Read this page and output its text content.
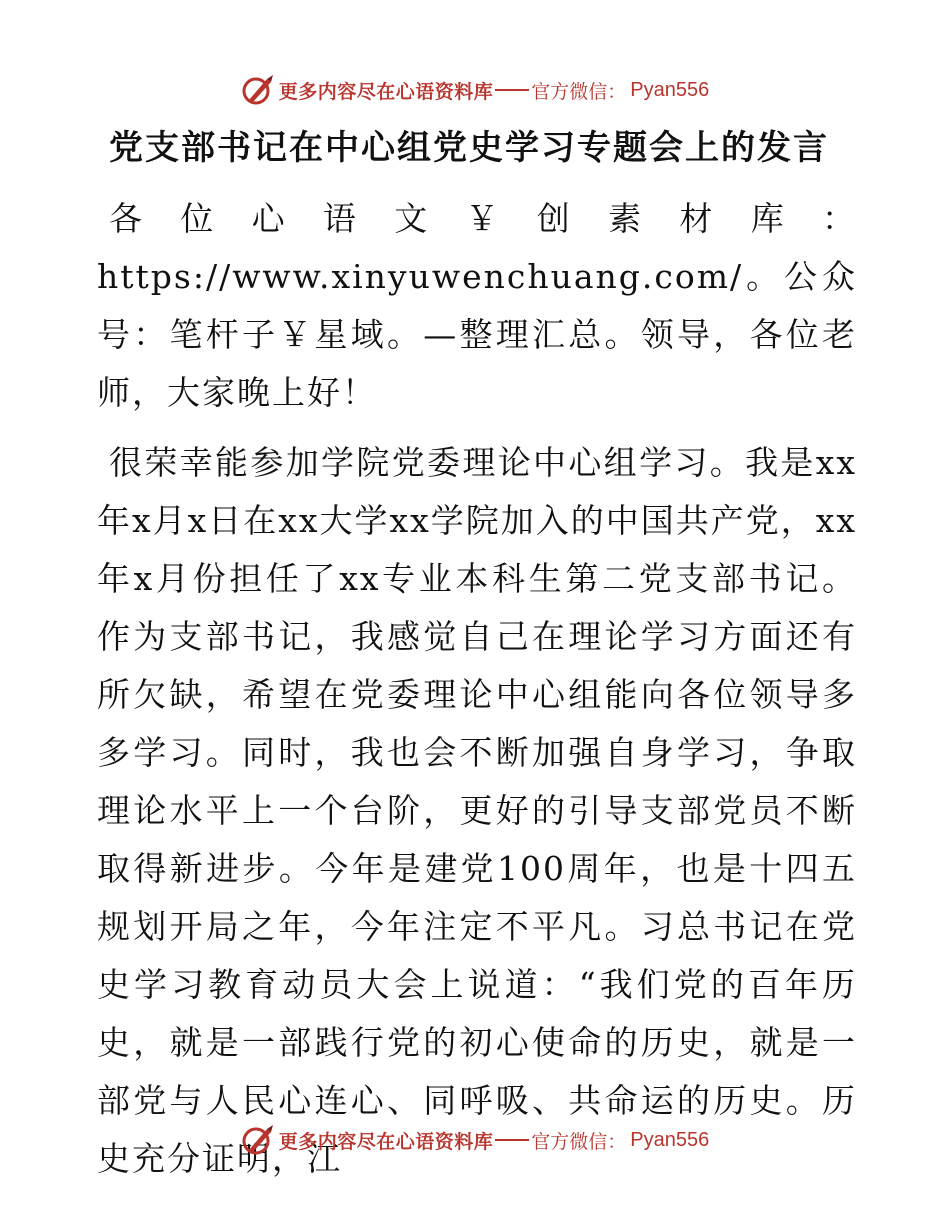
更多内容尽在心语资料库 官方微信： Pyan556
党支部书记在中心组党史学习专题会上的发言

各位心语文￥创素材库：https://www.xinyuwenchuang.com/。公众号：笔杆子￥星域。—整理汇总。领导，各位老师，大家晚上好！

很荣幸能参加学院党委理论中心组学习。我是xx年x月x日在xx大学xx学院加入的中国共产党，xx年x月份担任了xx专业本科生第二党支部书记。作为支部书记，我感觉自己在理论学习方面还有所欠缺，希望在党委理论中心组能向各位领导多多学习。同时，我也会不断加强自身学习，争取理论水平上一个台阶，更好的引导支部党员不断取得新进步。今年是建党100周年，也是十四五规划开局之年，今年注定不平凡。习总书记在党史学习教育动员大会上说道：“我们党的百年历史，就是一部践行党的初心使命的历史，就是一部党与人民心连心、同呼吸、共命运的历史。历史充分证明，江

更多内容尽在心语资料库 官方微信： Pyan556
